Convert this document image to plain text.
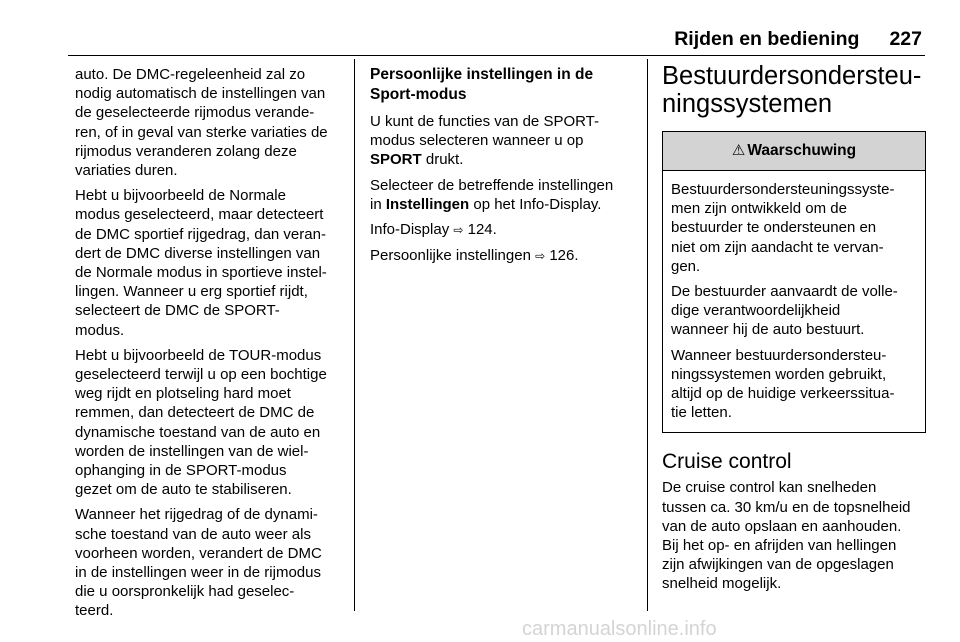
Rijden en bediening 227

auto. De DMC-regeleenheid zal zo
nodig automatisch de instellingen van
de geselecteerde rijmodus verande-
ren, of in geval van sterke variaties de
rijmodus veranderen zolang deze
variaties duren.

Hebt u bijvoorbeeld de Normale
modus geselecteerd, maar detecteert
de DMC sportief rijgedrag, dan veran-
dert de DMC diverse instellingen van
de Normale modus in sportieve instel-
lingen. Wanneer u erg sportief rijdt,
selecteert de DMC de SPORT-
modus.

Hebt u bijvoorbeeld de TOUR-modus
geselecteerd terwijl u op een bochtige
weg rijdt en plotseling hard moet
remmen, dan detecteert de DMC de
dynamische toestand van de auto en
worden de instellingen van de wiel-
ophanging in de SPORT-modus
gezet om de auto te stabiliseren.

Wanneer het rijgedrag of de dynami-
sche toestand van de auto weer als
voorheen worden, verandert de DMC
in de instellingen weer in de rijmodus
die u oorspronkelijk had geselec-
teerd.

Persoonlijke instellingen in de
Sport-modus

U kunt de functies van de SPORT-
modus selecteren wanneer u op
SPORT drukt.

Selecteer de betreffende instellingen
in Instellingen op het Info-Display.

Info-Display ⇨ 124.

Persoonlijke instellingen ⇨ 126.

Bestuurdersondersteu-
ningssystemen
⚠ Waarschuwing

Bestuurdersondersteuningssyste-
men zijn ontwikkeld om de
bestuurder te ondersteunen en
niet om zijn aandacht te vervan-
gen.

De bestuurder aanvaardt de volle-
dige verantwoordelijkheid
wanneer hij de auto bestuurt.

Wanneer bestuurdersondersteu-
ningssystemen worden gebruikt,
altijd op de huidige verkeerssitua-
tie letten.

Cruise control

De cruise control kan snelheden
tussen ca. 30 km/u en de topsnelheid
van de auto opslaan en aanhouden.
Bij het op- en afrijden van hellingen
zijn afwijkingen van de opgeslagen
snelheid mogelijk.

carmanualsonline.info
